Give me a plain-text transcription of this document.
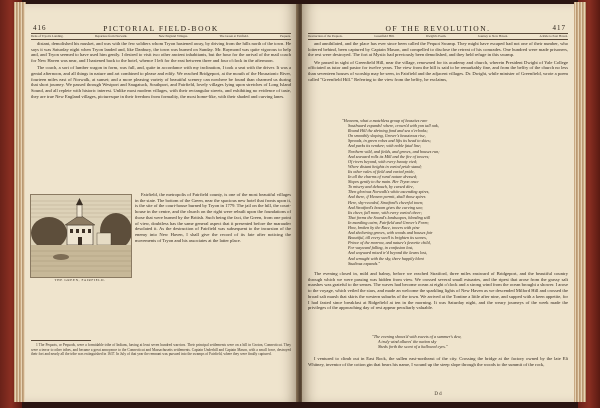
416	PICTORIAL FIELD-BOOK
Dens of Tryon's Landing.	Departure from Norwalk.	New England Villages.	The Green at Fairfield.	Pequots.

distant, demolished his musket, and was with the few soldiers whom Tryon hastened away, by driving from the hills north of the town. He says it was Saturday night when Tryon landed and, like Danbury, the town was burned on Sunday. Mr. Raymond was quite vigorous to help and, and Tryon seemed to have used him gently. I desired to visit two other ancient inhabitants, but the hour for the arrival of the mail coach for New Haven was near, and I hastened back to the hotel, whence I left for the east between three and four o'clock in the afternoon.

The coach, a sort of lumber wagon in form, was full, and, quite in accordance with my inclination, I took a seat with the driver. It was a genial afternoon, and all things in nature and art combined to please and edify. We reached Bridgeport, at the mouth of the Housatonic River, fourteen miles east of Norwalk, at sunset; and a more pleasing variety of beautiful scenery can nowhere be found than charmed us during that short journey. We passed through Westport and Saugatuck, Southport, and Fairfield, lovely villages lying upon stretches of Long Island Sound, and all replete with historic interest. Unlike most modern villages, with their rectangular streets, and exhibiting no evidence of taste, they are true New England villages, picturesque in their freedom from formality, the most home-like, with their shaded and curving lanes.

THE GREEN, FAIRFIELD.

Fairfield, the metropolis of Fairfield county, is one of the most beautiful villages in the state. The bottom of the Green, near the spacious new hotel that fronts upon it, is the site of the court-house burned by Tryon in 1779. The jail on the hill, the court-house in the centre, and the church on the right were rebuilt upon the foundations of those that were burned by the British. Such being the fact, the Green, from one point of view, doubtless has the same general aspect that it presented before the marauder desolated it. As the destruction of Fairfield was subsequent to the incursion of the enemy into New Haven, I shall give the record of its fate after noticing the movements of Tryon and his associates at the latter place.

1 The Pequots, or Pequods, were a formidable tribe of Indians, having at least seven hundred warriors. Their principal settlements were on a hill in Groton, Connecticut. They were a terror to other tribes, and became a great annoyance to the Connecticut and Massachusetts settlements. Captain Underhill and Captain Mason, with a small force, destroyed their fort and nearly all the tribe was extinguished in 1637. In July of that year the remnant was pursued into the swamps of Fairfield, where they were finally captured.

OF THE REVOLUTION.	417
Destruction of the Pequots.	Greenfield Hill.	Dwight's Poem.	Journey to New Haven.	A Ride to East Haven.

and annihilated, and the place has ever since been called the Pequot Swamp. They might have escaped had not one of their number, who loitered behind, been captured by Captain Mason, and compelled to disclose the retreat of his comrades. One hundred were made prisoners, the rest were destroyed. The fort at Mystic had previously been demolished, and they held refuge in this swamp.

We passed in sight of Greenfield Hill, near the village, renowned for its academy and church, wherein President Dwight of Yale College officiated as tutor and pastor for twelve years. The view from the hill is said to be remarkably fine, and from the belfry of the church no less than seventeen houses of worship may be seen, in Fairfield and the adjacent villages. Dr. Dwight, while minister of Greenfield, wrote a poem called "Greenfield Hill." Referring to the view from the belfry, he exclaims,

"Heavens, what a matchless group of beauties rare
Southward expands! where, crown'd with yon tall oak,
Round Hill the shrining fond and sea o'erlooks;
On smoothly sloping, Grover's beauteous rise,
Spreads, in green robes and lifts its head to skies;
And parks its verdure; with noble fatal line;
Northern wild, and fields, and groves, and houses run;
And seaward rolls its Mill and the fire of towers;
Of rivers beyond, with every beauty vied;
Where distant heights in varied pride stand;
Its other vales of field and varied pride,
In all the charms of rural nature dressed;
Slopes gently to the main. Her Tryon once
To misery and debauch, by cursed dire,
Then glorious Norwalk's white ascending spires,
And there, if Heaven permit, shall those spires
Here, shy-receded, Stratford's cheerful town;
And Stratford's bosom gives the curving sea;
Its cheer, fall more, with every varied cheer;
That forms the Sound's landscapes, blending still
In mantling cairn, Fairfield and Grover's Form;
How, broken by the Race, towers with pine
And sheltering groves, with woods and houses fair
Beautiful, till every swell is brighten its scenes,
Prince of the morrow, and nature's favorite child,
For wayward falling, in confusion lost,
And wayward mixed tr'd beyond the lawns lost,
And wrought with the sky, there happily blent
Studious expands."

The evening closed in, mild and balmy, before we reached Stratford, three miles eastward of Bridgeport, and the beautiful country through which we were passing was hidden from view. We crossed several small estuaries, and the ripest that arose from the grassy salt marshes was grateful to the senses. The waves had become ocean at eight o'clock and a strong wind from the ocean brought a shower. I arose to the voyage, which veiled the stars, and made an welcome the sparkling lights of New Haven as we descended Milford Hill and crossed the broad salt marsh that skirts the western suburbs of the town. We arrived at the Tontine a little after nine, and supped with a keen appetite, for I had fasted since breakfast at Ridgefield at ten in the morning. It was Saturday night, and the weary journeys of the week made the privileges of the approaching day of rest appear peculiarly valuable.

"The evening shows'd with sweets of a summer's dew,
A truly wind allures' the nation sky
Sheds forth the scent of a hallowed eyes."

I ventured to climb out in East Rock, the sullen east-northeast of the city. Crossing the bridge at the factory owned by the late Eli Whitney, inventor of the cotton gin that bears his name, I wound up the steep slope through the woods to the summit of the rock,

D d
